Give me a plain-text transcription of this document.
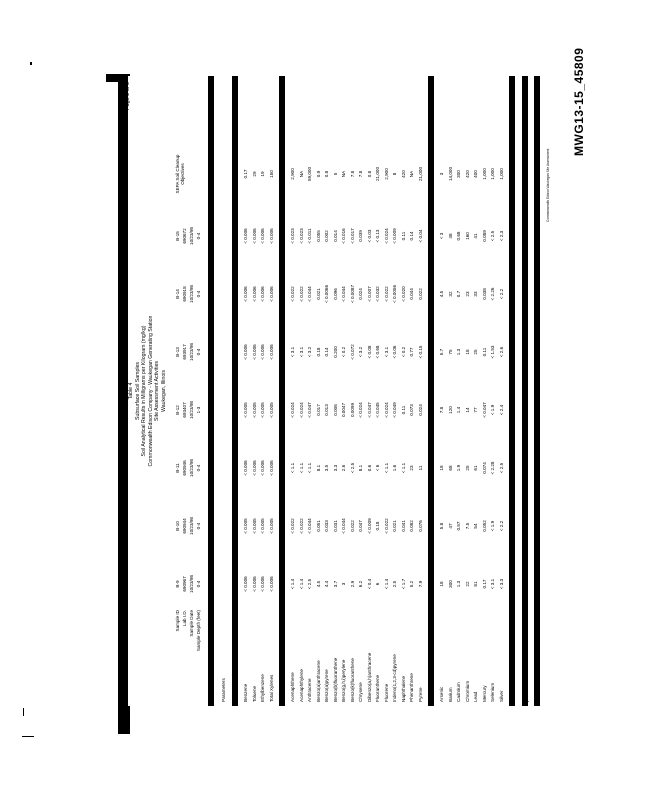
Table 4 Subsurface Soil Samples Soil Analytical Results in Milligrams per Kilogram (mg/kg) Commonwealth Edison Company - Waukegan Generating Station Site Assessment Activities Waukegan, Illinois
Page 2 of 3
Sample ID Lab I.D. Sample Date Sample Depth (feet)
B-9 690967 10/23/98 0-4
B-10 690944 10/23/98 0-4
B-11 690946 10/23/98 0-4
B-12 693407 10/23/98 1-3
B-13 693917 10/23/98 0-4
B-14 690918 10/23/98 0-4
B-15 690672 10/23/98 0-4
SEPA Soil Cleanup Objectives
Parameters BTEX Benzene
< 0.006
< 0.005
< 0.006
< 0.005
< 0.006
< 0.006
< 0.006
0.17
Toluene
< 0.006
< 0.005
< 0.006
< 0.005
< 0.006
< 0.006
< 0.006
29
Ethylbenzene
< 0.006
< 0.005
< 0.006
< 0.005
< 0.006
< 0.006
< 0.006
19
Total Xylenes
< 0.006
< 0.005
< 0.006
< 0.005
< 0.006
< 0.006
< 0.006
150
PNAs Acenaphthene
< 1.4
< 0.022
< 1.1
< 0.024
< 3.1
< 0.022
< 0.023
2,900
Acenaphthylene
< 1.4
< 0.022
< 1.1
< 0.024
< 3.1
< 0.022
< 0.023
NA
Anthracene
< 2.5
< 0.044
< 1.1
< 0.047
< 3.2
< 0.044
< 0.011
59,000
Benzo(a)anthracene
4.5
0.051
8.1
0.017
0.18
0.021
0.055
0.9
Benzo(a)pyrene
4.4
0.033
3.5
0.013
0.14
< 0.0066
0.002
0.8
Benzo(b)fluoranthene
3.7
0.031
3.3
0.006
0.200
0.096
0.014
5
Benzo(g,h,i)perylene
3
< 0.044
2.6
0.0047
< 0.2
< 0.044
< 0.016
NA
Benzo(k)fluoranthene
2.9
0.022
< 2.5
0.0099
< 0.072
< 0.0087
< 0.017
7.8
Chrysene
6.2
0.047
8.1
< 0.024
< 3.2
0.024
0.039
7.8
Dibenzo(a,h)anthracene
< 0.4
< 0.009
0.6
< 0.047
< 0.08
< 0.007
< 0.03
0.8
Fluoranthene
6
0.18
< 6
< 0.045
< 0.68
< 0.032
< 0.13
21,000
Fluorene
< 1.4
< 0.022
< 1.1
< 0.024
< 3.1
< 0.022
< 0.024
2,900
Indeno(1,2,3-cd)pyrene
2.5
0.021
1.6
< 0.049
< 0.06
< 0.0056
< 0.009
8
Naphthalene
< 1.7
0.041
< 1.1
0.11
< 0.2
< 0.020
0.11
420
Phenanthrene
5.2
0.082
23
0.073
0.77
0.044
0.14
NA
Pyrene
7.9
0.076
11
0.024
< 0.15
0.022
< 0.04
21,000
RCRA Metals Arsenic
18
5.8
18
7.8
5.7
4.5
< 3
3
Barium
300
47
68
120
75
32
48
14,000
Cadmium
1.3
0.57
1.9
1.4
1.3
0.7
0.68
300
Chromium
22
7.5
25
14
18
23
160
420
Lead
81
54
61
77
25
33
41
400
Mercury
0.17
0.052
0.074
< 0.047
0.11
0.038
0.089
1,000
Selenium
< 3.1
< 1.9
< 2.28
< 1.9
< 1.53
< 2.26
< 2.5
1,000
Silver
< 3.3
< 2.2
< 2.5
< 2.4
< 2.6
< 2.2
< 2.3
1,000
Total PCBs
0.087
< 0.044
< 0.045
< 0.047
< 0.052
< 0.044
0.044
1
pH
9.12
8.40
7.48
7.90
7.10
9.04
8.42
NA
MWG13-15_45809
Commonwealth Edison Waukegan Site Assessment
